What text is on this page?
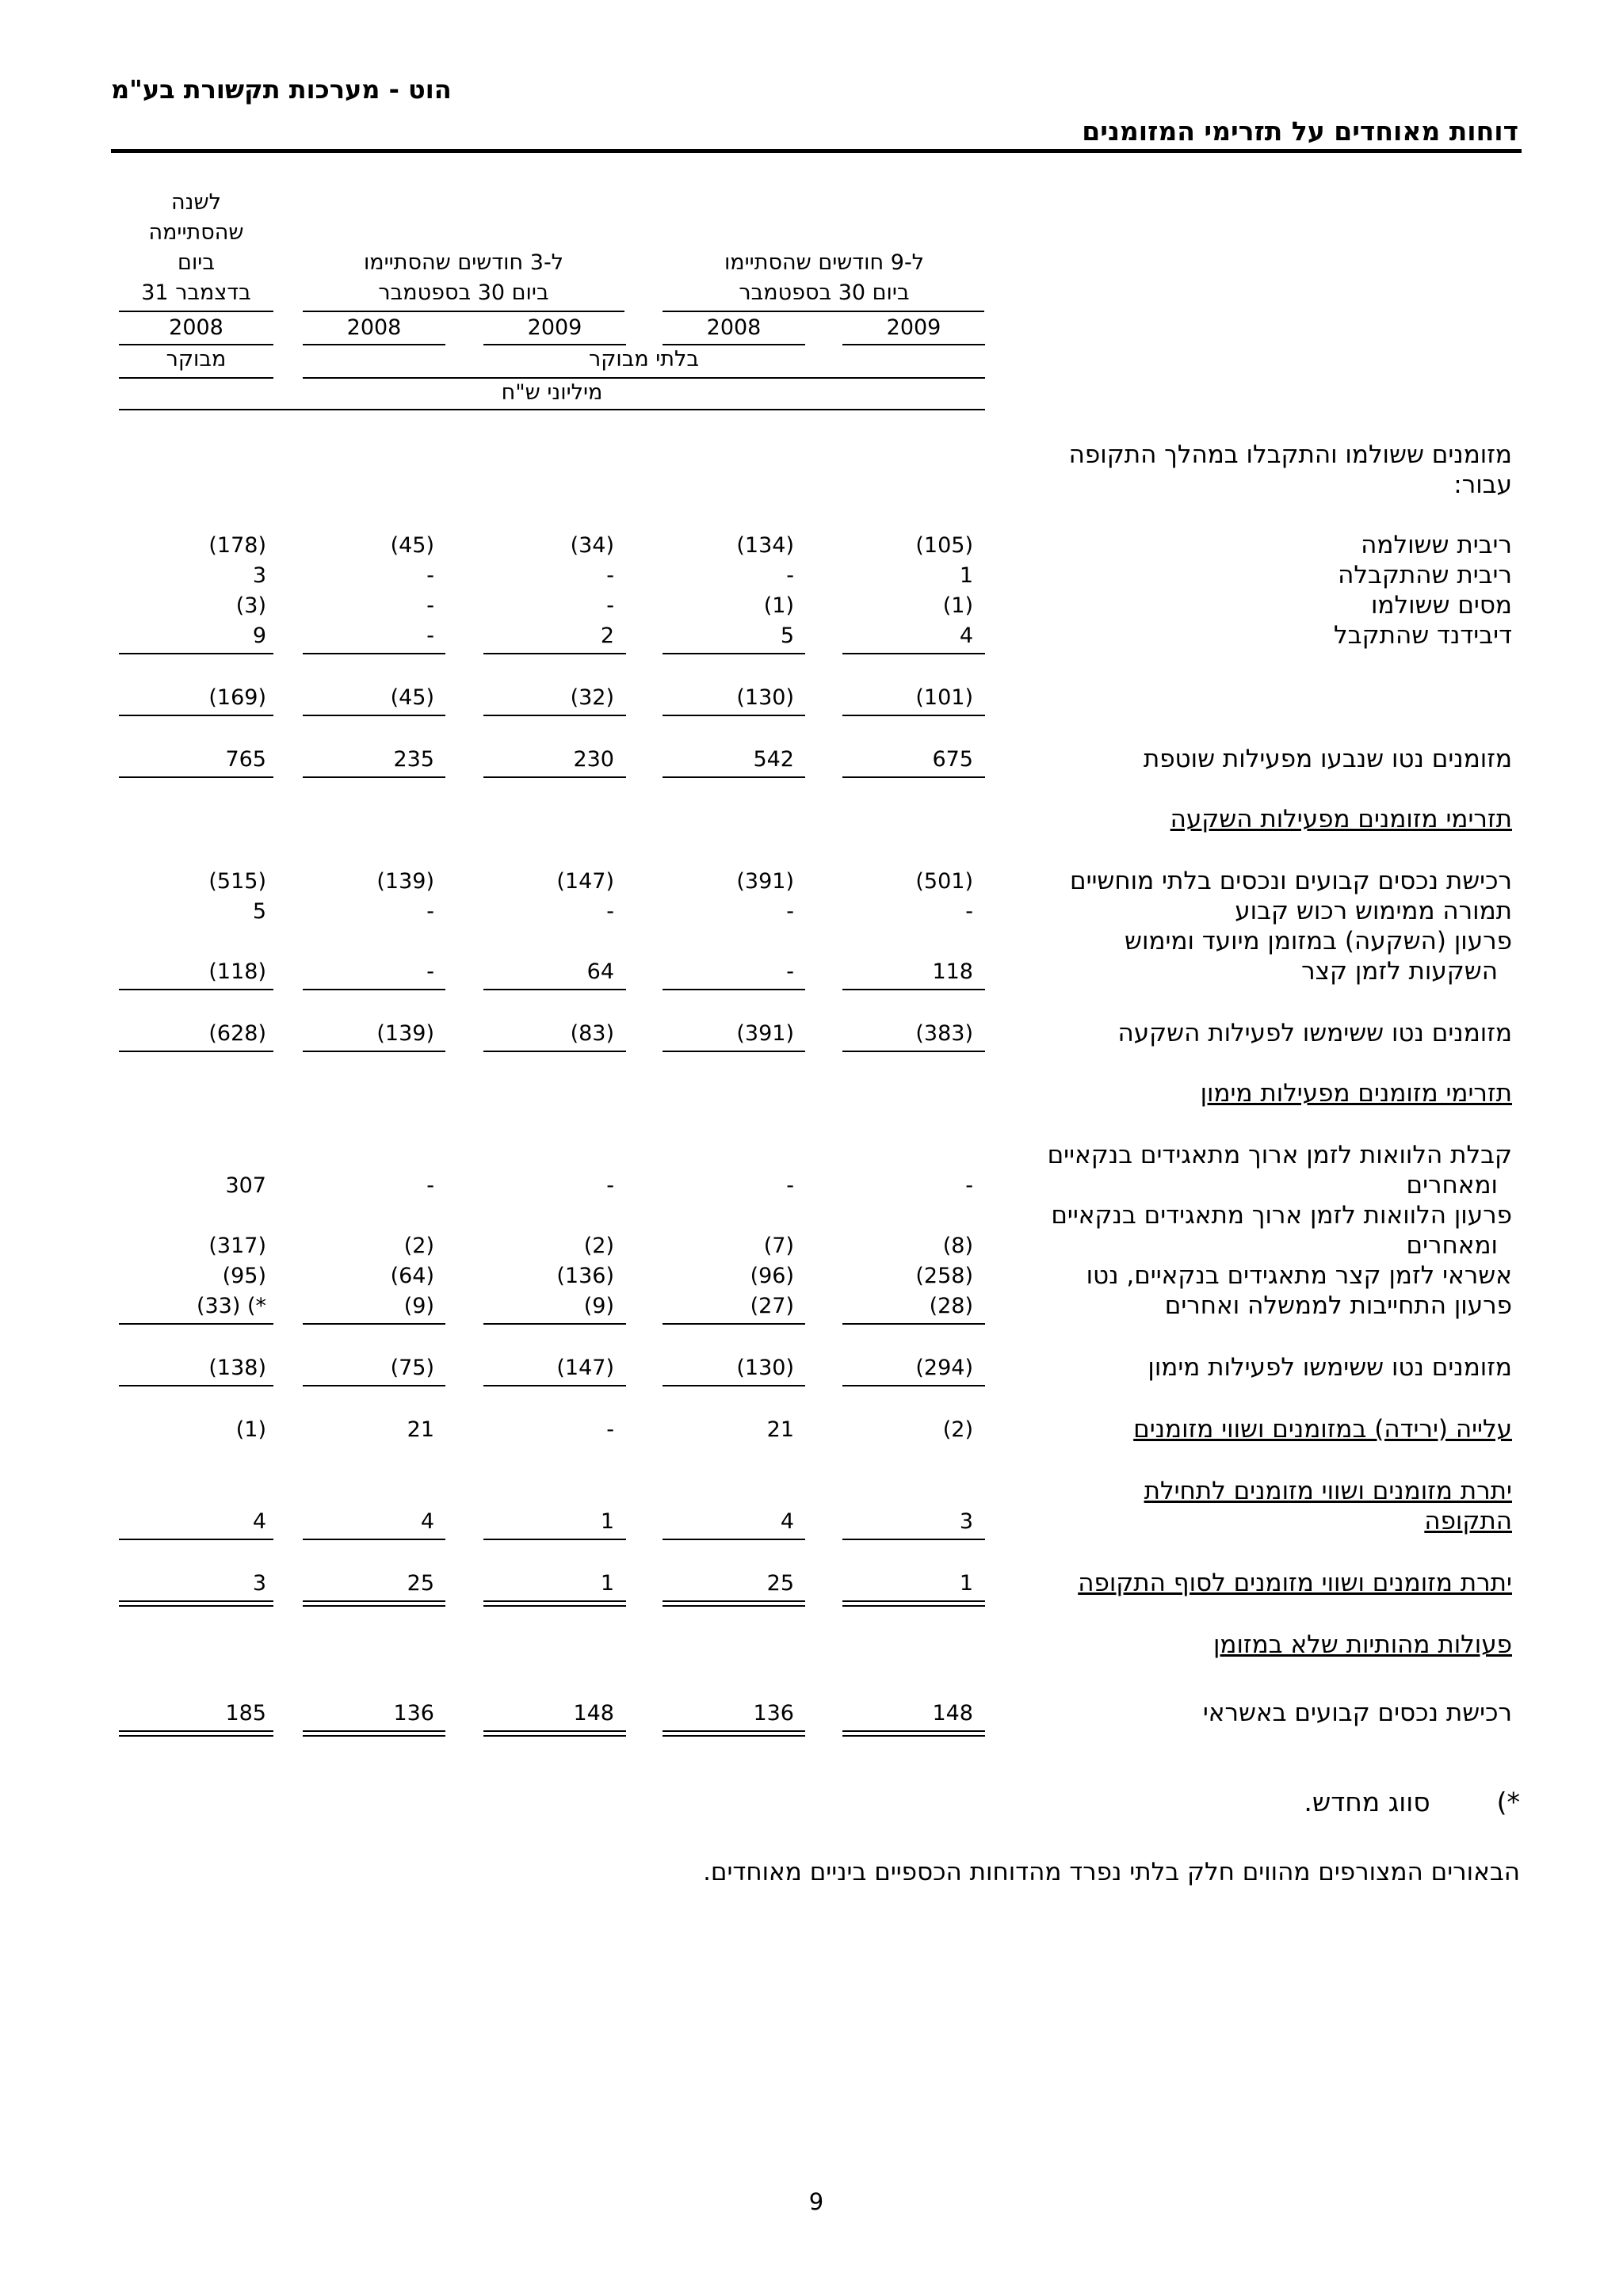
הוט - מערכות תקשורת בע"מ
דוחות מאוחדים על תזרימי המזומנים
לשנה
שהסתיימה
ביום
31 בדצמבר
ל-3 חודשים שהסתיימו
ביום 30 בספטמבר
ל-9 חודשים שהסתיימו
ביום 30 בספטמבר
2009
2008
2009
2008
2008
מבוקר	בלתי מבוקר
מיליוני ש"ח
מזומנים ששולמו והתקבלו במהלך התקופה
עבור:
ריבית ששולמה
(105)
(134)
(34)
(45)
(178)
ריבית שהתקבלה
1
-
-
-
3
מסים ששולמו
(1)
(1)
-
-
(3)
דיבידנד שהתקבל
4
5
2
-
9
(101)
(130)
(32)
(45)
(169)
מזומנים נטו שנבעו מפעילות שוטפת
675
542
230
235
765
תזרימי מזומנים מפעילות השקעה
רכישת נכסים קבועים ונכסים בלתי מוחשיים
(501)
(391)
(147)
(139)
(515)
תמורה ממימוש רכוש קבוע
-
-
-
-
5
פרעון (השקעה) במזומן מיועד ומימוש
השקעות לזמן קצר
118
-
64
-
(118)
מזומנים נטו ששימשו לפעילות השקעה
(383)
(391)
(83)
(139)
(628)
תזרימי מזומנים מפעילות מימון
קבלת הלוואות לזמן ארוך מתאגידים בנקאיים
ומאחרים
-
-
-
-
307
פרעון הלוואות לזמן ארוך מתאגידים בנקאיים
ומאחרים
(8)
(7)
(2)
(2)
(317)
אשראי לזמן קצר מתאגידים בנקאיים, נטו
(258)
(96)
(136)
(64)
(95)
פרעון התחייבות לממשלה ואחרים
(28)
(27)
(9)
(9)
(33) (*
מזומנים נטו ששימשו לפעילות מימון
(294)
(130)
(147)
(75)
(138)
עלייה (ירידה) במזומנים ושווי מזומנים
(2)
21
-
21
(1)
יתרת מזומנים ושווי מזומנים לתחילת
התקופה
3
4
1
4
4
יתרת מזומנים ושווי מזומנים לסוף התקופה
1
25
1
25
3
פעולות מהותיות שלא במזומן
רכישת נכסים קבועים באשראי
148
136
148
136
185
*)        סווג מחדש.
הבאורים המצורפים מהווים חלק בלתי נפרד מהדוחות הכספיים ביניים מאוחדים.
9
